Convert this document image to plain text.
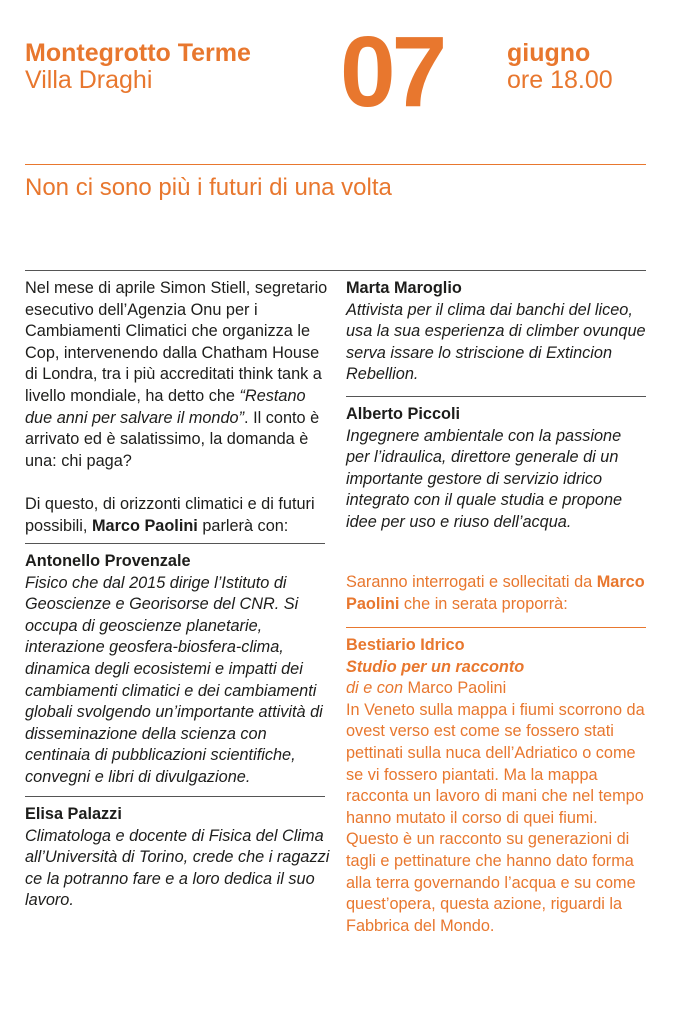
Montegrotto Terme
Villa Draghi 07	giugno
ore 18.00
Non ci sono più i futuri di una volta

Nel mese di aprile Simon Stiell, segretario esecutivo dell’Agenzia Onu per i Cambiamenti Climatici che organizza le Cop, intervenendo dalla Chatham House di Londra, tra i più accreditati think tank a livello mondiale, ha detto che “Restano due anni per salvare il mondo”. Il conto è arrivato ed è salatissimo, la domanda è una: chi paga?

Di questo, di orizzonti climatici e di futuri possibili, Marco Paolini parlerà con:

Antonello Provenzale

Fisico che dal 2015 dirige l’Istituto di Geoscienze e Georisorse del CNR. Si occupa di geoscienze planetarie, interazione geosfera-biosfera-clima, dinamica degli ecosistemi e impatti dei cambiamenti climatici e dei cambiamenti globali svolgendo un’importante attività di disseminazione della scienza con centinaia di pubblicazioni scientifiche, convegni e libri di divulgazione.

Elisa Palazzi

Climatologa e docente di Fisica del Clima all’Università di Torino, crede che i ragazzi ce la potranno fare e a loro dedica il suo lavoro.

Marta Maroglio

Attivista per il clima dai banchi del liceo, usa la sua esperienza di climber ovunque serva issare lo striscione di Extincion Rebellion.

Alberto Piccoli

Ingegnere ambientale con la passione per l’idraulica, direttore generale di un importante gestore di servizio idrico integrato con il quale studia e propone idee per uso e riuso dell’acqua.

Saranno interrogati e sollecitati da Marco Paolini che in serata proporrà:

Bestiario Idrico

Studio per un racconto

di e con Marco Paolini

In Veneto sulla mappa i fiumi scorrono da ovest verso est come se fossero stati pettinati sulla nuca dell’Adriatico o come se vi fossero piantati. Ma la mappa racconta un lavoro di mani che nel tempo hanno mutato il corso di quei fiumi. Questo è un racconto su generazioni di tagli e pettinature che hanno dato forma alla terra governando l’acqua e su come quest’opera, questa azione, riguardi la Fabbrica del Mondo.
